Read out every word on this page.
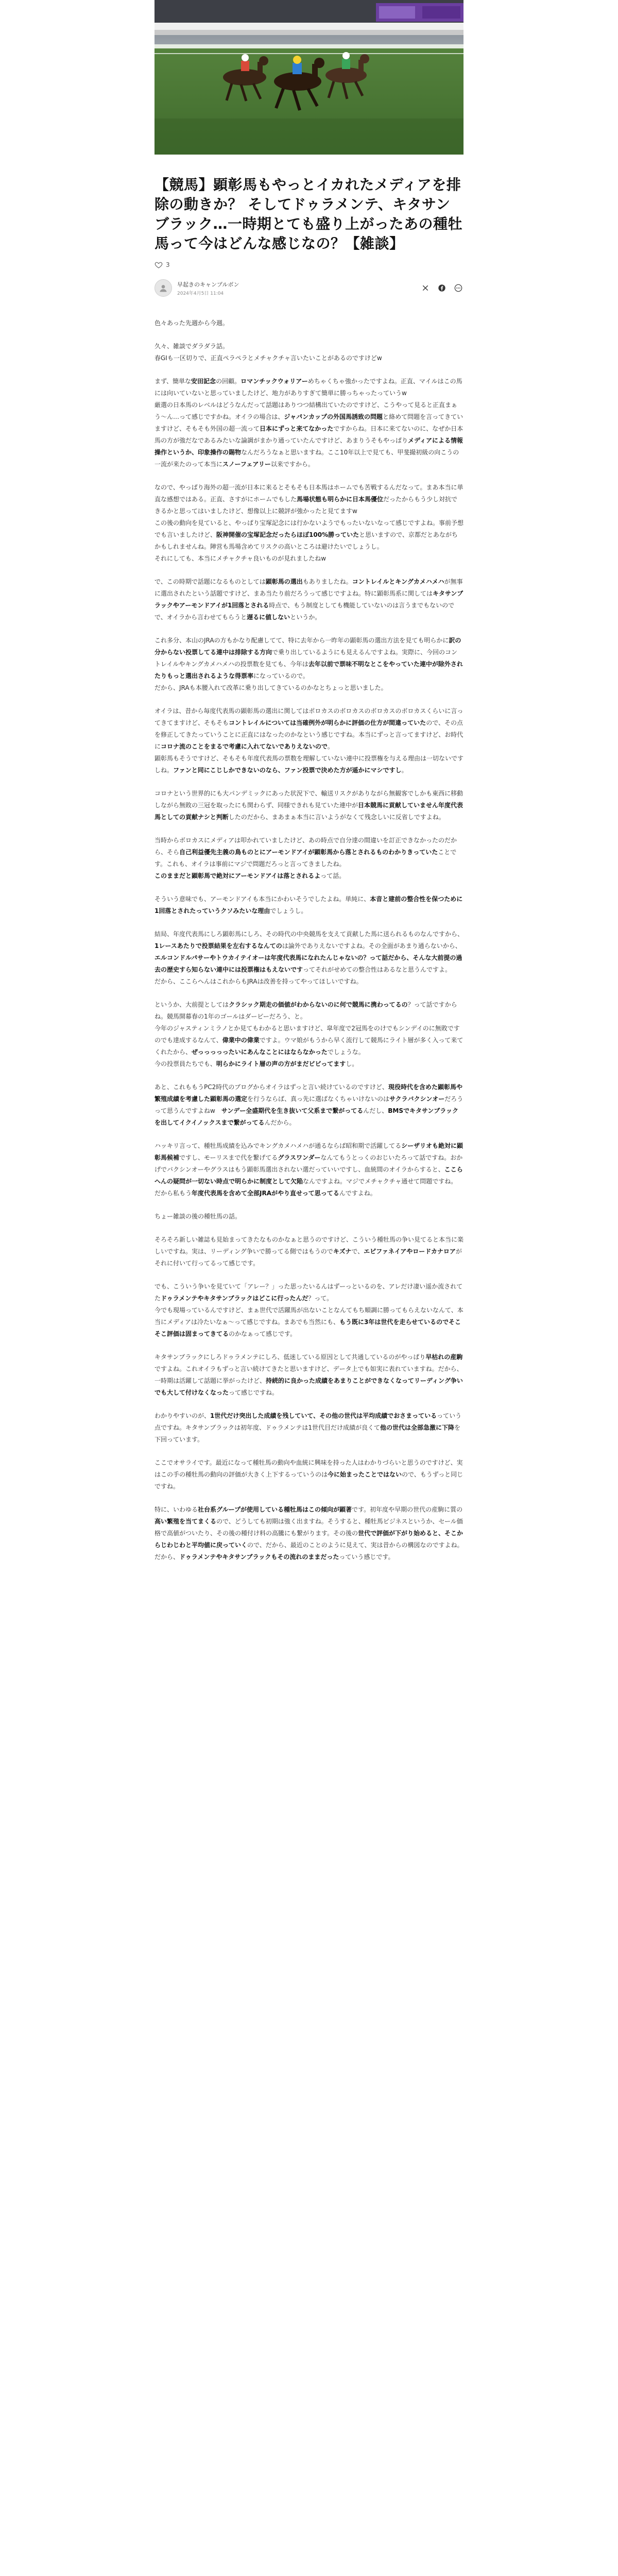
【競馬】顕彰馬もやっとイカれたメディアを排除の動きか？ そしてドゥラメンテ、キタサンブラック…一時期とても盛り上がったあの種牡馬って今はどんな感じなの？【雑談】
3
早起きのキャンプルボン
2024年4月5日 11:04

色々あった先週から今週。

久々、雑談でダラダラ話。
春GⅠも一区切りで、正直ペラペラとメチャクチャ言いたいことがあるのですけどw

まず、簡単な安田記念の回顧。ロマンチックウォリアーめちゃくちゃ強かったですよね。正直、マイルはこの馬には向いていないと思っていましたけど、地力がありすぎて簡単に勝っちゃったっていうw
厳選の日本馬のレベルはどうなんだって話題はありつつ結構出ていたのですけど、こうやって見ると正直まぁう〜ん…って感じですかね。オイラの場合は、ジャパンカップの外国馬誘致の問題と絡めて問題を言ってきていますけど、そもそも外国の超一流って日本にずっと来てなかったですからね。日本に来てないのに、なぜか日本馬の方が強だなであるみたいな論調がまかり通っていたんですけど、あまりうそもやっぱりメディアによる情報操作というか、印象操作の賜物なんだろうなぁと思いますね。ここ10年以上で見ても、甲斐撮初級の向こうの一流が来たのって本当にスノーフェアリー以来ですから。

なので、やっぱり海外の超一流が日本に来るとそもそも日本馬はホームでも苦戦するんだなって。まあ本当に単直な感想ではある。正直、さすがにホームでもした馬場状態も明らかに日本馬優位だったからもう少し対抗できるかと思ってはいましたけど、想像以上に競評が強かったと見てますw
この後の動向を見ていると、やっぱり宝塚記念には行かないようでもったいないなって感じですよね。事前予想でも言いましたけど、阪神開催の宝塚記念だったらほぼ100%勝っていたと思いますので、京都だとあながちかもしれませんね。陣営も馬場含めてリスクの高いところは避けたいでしょうし。
それにしても、本当にメチャクチャ良いものが見れましたねw

で、この時期で話題になるものとしては顕彰馬の選出もありましたね。コントレイルとキングカメハメハが無事に選出されたという話題ですけど、まあ当たり前だろうって感じですよね。特に顕彰馬系に関してはキタサンブラックやアーモンドアイが1回落とされる時点で、もう制度としても機能していないのは言うまでもないのでで、オイラから言わせてもらうと遅るに値しないというか。

これ多分、本山のJRAの方もかなり配慮してて、特に去年から一昨年の顕彰馬の選出方法を見ても明らかに訳の分からない投票してる連中は排除する方向で乗り出しているようにも見えるんですよね。実際に、今回のコントレイルやキングカメハメハの投票数を見ても、今年は去年以前で票味不明なとこをやっていた連中が除外されたりもっと選出されるような得票率になっているので。
だから、JRAも本腰入れて改革に乗り出してきているのかなとちょっと思いました。

オイラは、昔から毎度代表馬の顕彰馬の選出に関してはポロカスのボロカスのボロカスのボロカスくらいに言ってきてますけど、そもそもコントレイルについては当確例外が明らかに評価の仕方が間違っていたので、その点を修正してきたっていうことに正直にはなったのかなという感じですね。本当にずっと言ってますけど、お時代にコロナ流のことをまるで考慮に入れてないでありえないので。
顕彰馬もそうですけど、そもそも年度代表馬の票数を理解していない連中に投票権を与える理由は一切ないですしね。ファンと同にこじしかできないのなら、ファン投票で決めた方が遥かにマシですし。

コロナという世界的にも大パンデミックにあった状況下で、輸送リスクがありながら無観客でしかも東西に移動しながら無敗の三冠を取ったにも関わらず、同様できれも見ていた連中が日本競馬に貢献していません年度代表馬としての貢献ナシと判断したのだから、まあまぁ本当に言いようがなくて残念しいに反省しですよね。

当時からボロカスにメディアは叩かれていましたけど、あの時点で自分達の間違いを訂正できなかったのだから、そら自己利益優先主義の鳥ものとにアーモンドアイが顕彰馬から落とされるものわかりきっていたことです。これも、オイラは事前にマジで問題だろっと言ってきましたね。
このままだと顕彰馬で絶対にアーモンドアイは落とされるよって話。

そういう意味でも、アーモンドアイも本当にかわいそうでしたよね。単純に、本音と建前の整合性を保つために1回落とされたっていうクソみたいな理由でしょうし。

結局、年度代表馬にしろ顕彰馬にしろ、その時代の中央競馬を支えて貢献した馬に送られるものなんですから、1レースあたりで投票結果を左右するなんてのは論外でありえないですよね。その全面があまり通らないから、エルコンドルパサーやトウカイテイオーは年度代表馬になれたんじゃないの？って話だから、そんな大前提の過去の歴史すら知らない連中には投票権はもえないですってそれがせめての整合性はあるなと思うんですよ。
だから、ここらへんはこれからもJRAは改善を持ってやってほしいですね。

というか、大前提としてはクラシック期走の価値がわからないのに何で競馬に携わってるの？って話ですからね。競馬開幕春の1年のゴールはダービーだろう、と。
今年のジャスティンミラノとか見てもわかると思いますけど、皐年度で2冠馬をのけでもシンデイのに無敗ですのでも達成するなんて、偉業中の偉業ですよ。ウマ娘がもうから早く流行して競馬にライト層が多く入って来てくれたから、ぜっっっっったいにあんなことにはならなかったでしょうな。
今の投票員たちでも、明らかにライト層の声の方がまだビビってますし。

あと、これももうPC2時代のブログからオイラはずっと言い続けているのですけど、現役時代を含めた顕彰馬や繁殖成績を考慮した顕彰馬の選定を行うならば、真っ先に選ばなくちゃいけないのはサクラバクシンオーだろうって思うんですよねw　サンデー全盛期代を生き抜いて父系まで繋がってるんだし、BMSでキタサンブラックを出してイクイノックスまで繋がってるんだから。

ハッキリ言って、種牡馬成績を込みでキングカメハメハが通るならば昭和期で活躍してるシーザリオも絶対に顕彰馬候補ですし、モーリスまで代を繋げてるグラスワンダーなんてもうとっくのおじいたろって話ですね。おかげでバクシンオーやグラスはもう顕彰馬選出されない選だっていいですし、血統間のオイラからすると、ここらへんの疑問が一切ない時点で明らかに制度として欠陥なんですよね。マジでメチャクチャ通せて問題ですね。
だから私もう年度代表馬を含めて全部JRAがやり直せって思ってるんですよね。

ちょー雑談の後の種牡馬の話。

そろそろ新しい雑誌も見始まってきたなものかなぁと思うのですけど、こういう種牡馬の争い見てると本当に楽しいですね。実は、リーディング争いで勝ってる側ではもうのでキズナで、エピファネイアやロードカナロアがそれに付いて行ってるって感じです。

でも、こういう争いを見ていて「アレー？」った思ったいるんはずーっといるのを、アレだけ凄い遥か流されてたドゥラメンテやキタサンブラックはどこに行ったんだ？って。
今でも現場っているんですけど、まぁ世代で活躍馬が出ないことなんてもち順調に勝ってもらえないなんて、本当にメディアは冷たいなぁ〜って感じですね。まあでも当然にも、もう既に3年は世代を走らせているのでそこそこ評価は固まってきてるのかなぁって感じです。

キタサンブラックにしろドゥラメンテにしろ、低迷している原因として共通しているのがやっぱり早枯れの産駒ですよね。これオイラもずっと言い続けてきたと思いますけど、データ上でも如実に表れていますね。だから、一時期は活躍して話題に挙がったけど、持続的に良かった成績をあまりことができなくなってリーディング争いでも大して付けなくなったって感じですね。

わかりやすいのが、1世代だけ突出した成績を残していて、その他の世代は平均成績でおさまっているっていう点ですね。キタサンブラックは初年度、ドゥラメンテは1世代目だけ成績が良くて他の世代は全部急激に下降を下回っています。

ここでオサライです。最近になって種牡馬の動向や血統に興味を持った人はわかりづらいと思うのですけど、実はこの手の種牡馬の動向の評価が大きく上下するっていうのは今に始まったことではないので、もうずっと同じですね。

特に、いわゆる社台系グループが使用している種牡馬はこの傾向が顕著です。初年度や早期の世代の産駒に質の高い繁殖を当てまくるので、どうしても初期は強く出ますね。そうすると、種牡馬ビジネスというか、セール価格で高値がついたり、その後の種付け料の高騰にも繋がります。その後の世代で評価が下がり始めると、そこからじわじわと平均値に戻っていくので、だから、最近のことのように見えて、実は昔からの構図なのですよね。
だから、ドゥラメンテやキタサンブラックもその流れのままだったっていう感じです。
